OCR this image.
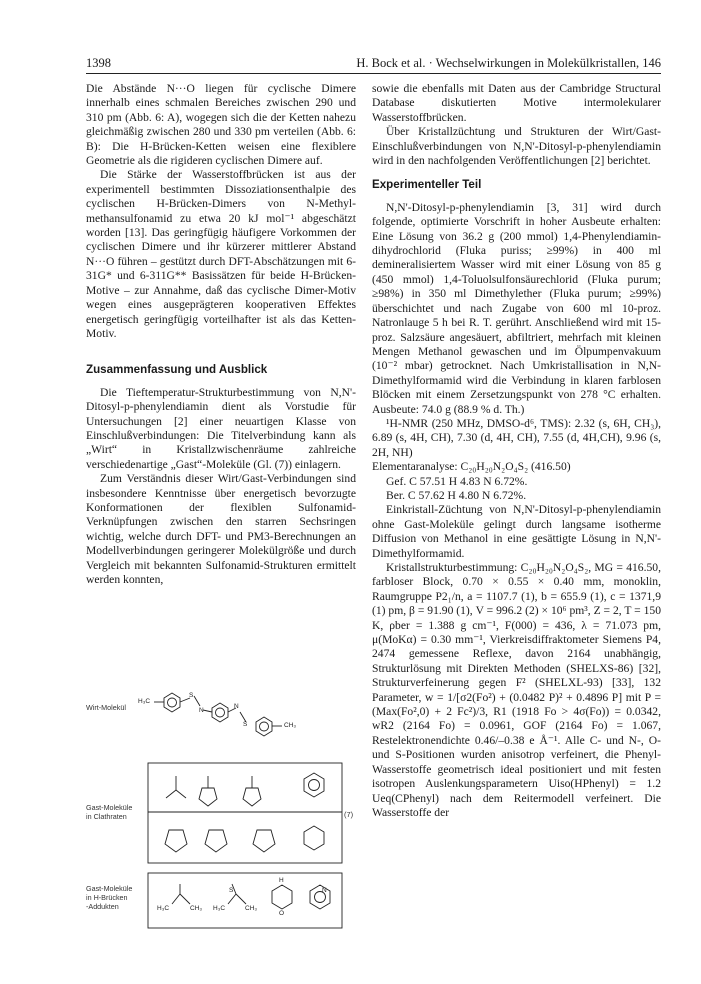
1398	H. Bock et al. · Wechselwirkungen in Molekülkristallen, 146

Die Abstände N···O liegen für cyclische Dimere innerhalb eines schmalen Bereiches zwischen 290 und 310 pm (Abb. 6: A), wogegen sich die der Ketten nahezu gleichmäßig zwischen 280 und 330 pm verteilen (Abb. 6: B): Die H-Brücken-Ketten weisen eine flexiblere Geometrie als die rigideren cyclischen Dimere auf.

Die Stärke der Wasserstoffbrücken ist aus der experimentell bestimmten Dissoziationsenthalpie des cyclischen H-Brücken-Dimers von N-Methyl-methansulfonamid zu etwa 20 kJ mol⁻¹ abgeschätzt worden [13]. Das geringfügig häufigere Vorkommen der cyclischen Dimere und ihr kürzerer mittlerer Abstand N···O führen – gestützt durch DFT-Abschätzungen mit 6-31G* und 6-311G** Basissätzen für beide H-Brücken-Motive – zur Annahme, daß das cyclische Dimer-Motiv wegen eines ausgeprägteren kooperativen Effektes energetisch geringfügig vorteilhafter ist als das Ketten-Motiv.

Zusammenfassung und Ausblick

Die Tieftemperatur-Strukturbestimmung von N,N'-Ditosyl-p-phenylendiamin dient als Vorstudie für Untersuchungen [2] einer neuartigen Klasse von Einschlußverbindungen: Die Titelverbindung kann als „Wirt“ in Kristallzwischenräume zahlreiche verschiedenartige „Gast“-Moleküle (Gl. (7)) einlagern.

Zum Verständnis dieser Wirt/Gast-Verbindungen sind insbesondere Kenntnisse über energetisch bevorzugte Konformationen der flexiblen Sulfonamid-Verknüpfungen zwischen den starren Sechsringen wichtig, welche durch DFT- und PM3-Berechnungen an Modellverbindungen geringerer Molekülgröße und durch Vergleich mit bekannten Sulfonamid-Strukturen ermittelt werden konnten,

Wirt-Molekül
Gast-Moleküle
in Clathraten
Gast-Moleküle
in H-Brücken
-Addukten
(7)
H₃C
S
N
N
S	CH₃
H₃C	CH₃ H₃C	CH₃
S
H
O
N

sowie die ebenfalls mit Daten aus der Cambridge Structural Database diskutierten Motive intermolekularer Wasserstoffbrücken.

Über Kristallzüchtung und Strukturen der Wirt/Gast-Einschlußverbindungen von N,N'-Ditosyl-p-phenylendiamin wird in den nachfolgenden Veröffentlichungen [2] berichtet.

Experimenteller Teil

N,N'-Ditosyl-p-phenylendiamin [3, 31] wird durch folgende, optimierte Vorschrift in hoher Ausbeute erhalten: Eine Lösung von 36.2 g (200 mmol) 1,4-Phenylendiamin-dihydrochlorid (Fluka puriss; ≥99%) in 400 ml demineralisiertem Wasser wird mit einer Lösung von 85 g (450 mmol) 1,4-Toluolsulfonsäurechlorid (Fluka purum; ≥98%) in 350 ml Dimethylether (Fluka purum; ≥99%) überschichtet und nach Zugabe von 600 ml 10-proz. Natronlauge 5 h bei R. T. gerührt. Anschließend wird mit 15-proz. Salzsäure angesäuert, abfiltriert, mehrfach mit kleinen Mengen Methanol gewaschen und im Ölpumpenvakuum (10⁻² mbar) getrocknet. Nach Umkristallisation in N,N-Dimethylformamid wird die Verbindung in klaren farblosen Blöcken mit einem Zersetzungspunkt von 278 °C erhalten. Ausbeute: 74.0 g (88.9 % d. Th.)

¹H-NMR (250 MHz, DMSO-d⁶, TMS): 2.32 (s, 6H, CH₃), 6.89 (s, 4H, CH), 7.30 (d, 4H, CH), 7.55 (d, 4H,CH), 9.96 (s, 2H, NH)

Elementaranalyse: C₂₀H₂₀N₂O₄S₂ (416.50)

Gef. C 57.51 H 4.83 N 6.72%.

Ber. C 57.62 H 4.80 N 6.72%.

Einkristall-Züchtung von N,N'-Ditosyl-p-phenylendiamin ohne Gast-Moleküle gelingt durch langsame isotherme Diffusion von Methanol in eine gesättigte Lösung in N,N'-Dimethylformamid.

Kristallstrukturbestimmung: C₂₀H₂₀N₂O₄S₂, MG = 416.50, farbloser Block, 0.70 × 0.55 × 0.40 mm, monoklin, Raumgruppe P2₁/n, a = 1107.7 (1), b = 655.9 (1), c = 1371,9 (1) pm, β = 91.90 (1), V = 996.2 (2) × 10⁶ pm³, Z = 2, T = 150 K, ρber = 1.388 g cm⁻¹, F(000) = 436, λ = 71.073 pm, μ(MoKα) = 0.30 mm⁻¹, Vierkreisdiffraktometer Siemens P4, 2474 gemessene Reflexe, davon 2164 unabhängig, Strukturlösung mit Direkten Methoden (SHELXS-86) [32], Strukturverfeinerung gegen F² (SHELXL-93) [33], 132 Parameter, w = 1/[σ2(Fo²) + (0.0482 P)² + 0.4896 P] mit P = (Max(Fo²,0) + 2 Fc²)/3, R1 (1918 Fo > 4σ(Fo)) = 0.0342, wR2 (2164 Fo) = 0.0961, GOF (2164 Fo) = 1.067, Restelektronendichte 0.46/–0.38 e Å⁻¹. Alle C- und N-, O- und S-Positionen wurden anisotrop verfeinert, die Phenyl-Wasserstoffe geometrisch ideal positioniert und mit festen isotropen Auslenkungsparametern Uiso(HPhenyl) = 1.2 Ueq(CPhenyl) nach dem Reitermodell verfeinert. Die Wasserstoffe der
